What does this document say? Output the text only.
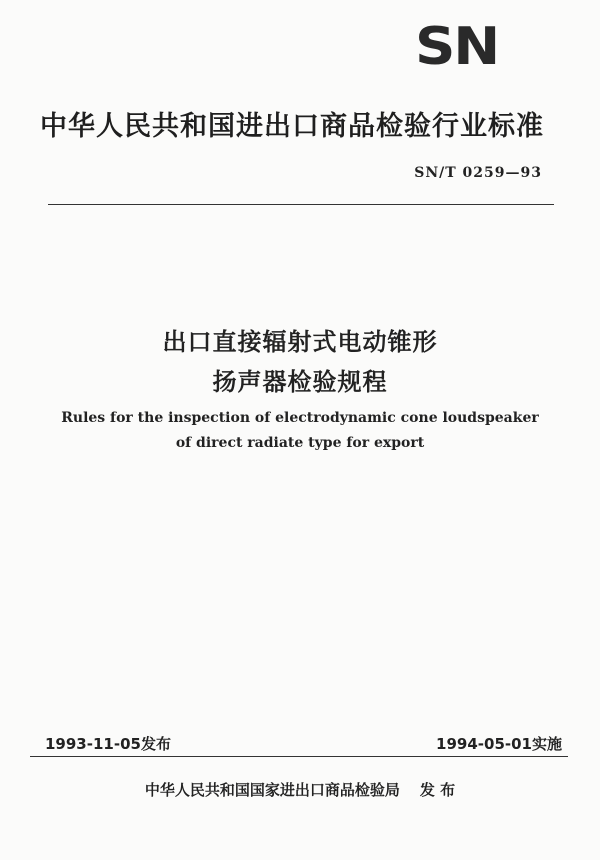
SN
中华人民共和国进出口商品检验行业标准
SN/T 0259—93
出口直接辐射式电动锥形
扬声器检验规程
Rules for the inspection of electrodynamic cone loudspeaker
of direct radiate type for export
1993-11-05发布	1994-05-01实施
中华人民共和国国家进出口商品检验局 发 布
